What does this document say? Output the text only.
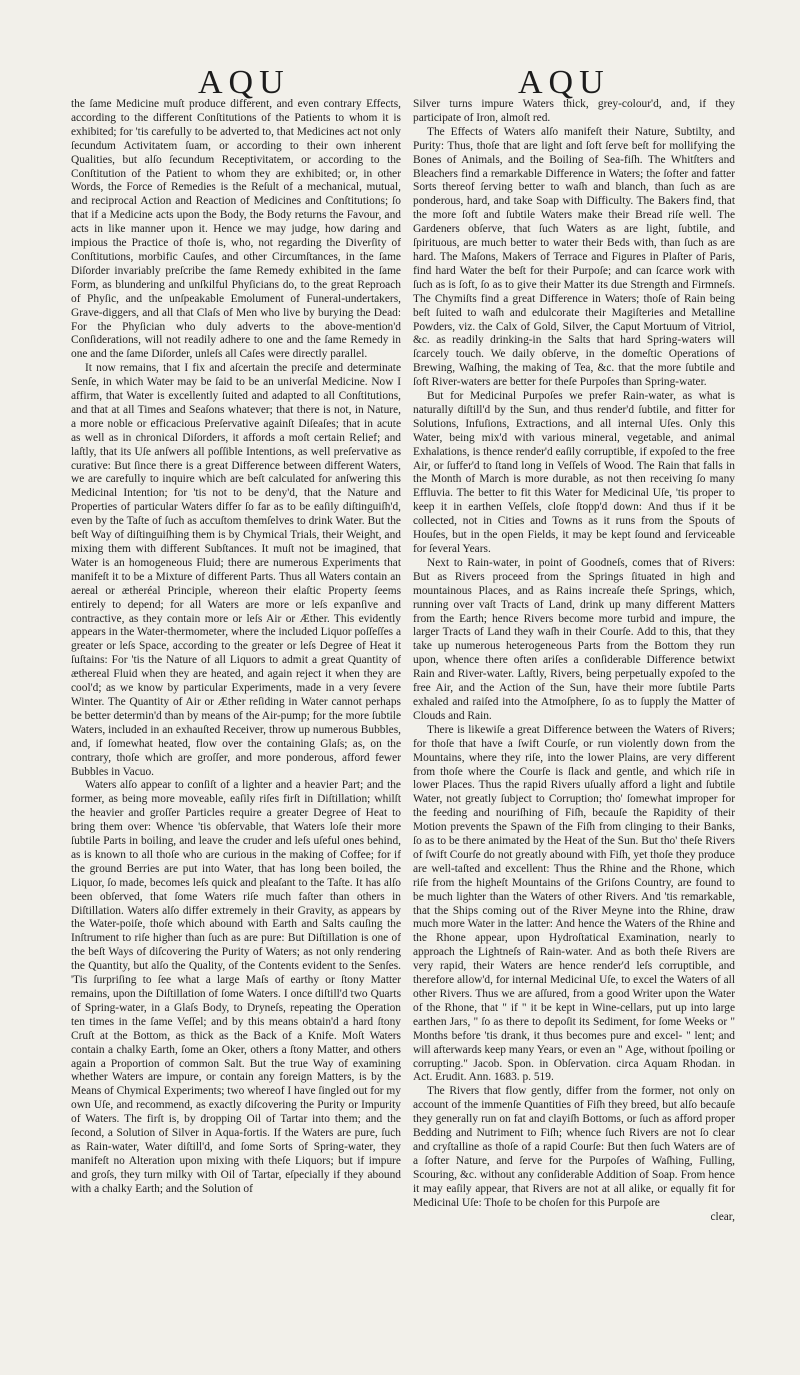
AQU	AQU

the ſame Medicine muſt produce different, and even contrary Effects, according to the different Conſtitutions of the Patients to whom it is exhibited; for 'tis carefully to be adverted to, that Medicines act not only ſecundum Activitatem ſuam, or according to their own inherent Qualities, but alſo ſecundum Receptivitatem, or according to the Conſtitution of the Patient to whom they are exhibited; or, in other Words, the Force of Remedies is the Reſult of a mechanical, mutual, and reciprocal Action and Reaction of Medicines and Conſtitutions; ſo that if a Medicine acts upon the Body, the Body returns the Favour, and acts in like manner upon it. Hence we may judge, how daring and impious the Practice of thoſe is, who, not regarding the Diverſity of Conſtitutions, morbific Cauſes, and other Circumſtances, in the ſame Diſorder invariably preſcribe the ſame Remedy exhibited in the ſame Form, as blundering and unſkilful Phyſicians do, to the great Reproach of Phyſic, and the unſpeakable Emolument of Funeral-undertakers, Grave-diggers, and all that Claſs of Men who live by burying the Dead: For the Phyſician who duly adverts to the above-mention'd Conſiderations, will not readily adhere to one and the ſame Remedy in one and the ſame Diſorder, unleſs all Caſes were directly parallel.

It now remains, that I fix and aſcertain the preciſe and determinate Senſe, in which Water may be ſaid to be an univerſal Medicine. Now I affirm, that Water is excellently ſuited and adapted to all Conſtitutions, and that at all Times and Seaſons whatever; that there is not, in Nature, a more noble or efficacious Preſervative againſt Diſeaſes; that in acute as well as in chronical Diſorders, it affords a moſt certain Relief; and laſtly, that its Uſe anſwers all poſſible Intentions, as well preſervative as curative: But ſince there is a great Difference between different Waters, we are carefully to inquire which are beſt calculated for anſwering this Medicinal Intention; for 'tis not to be deny'd, that the Nature and Properties of particular Waters differ ſo far as to be eaſily diſtinguiſh'd, even by the Taſte of ſuch as accuſtom themſelves to drink Water. But the beſt Way of diſtinguiſhing them is by Chymical Trials, their Weight, and mixing them with different Subſtances. It muſt not be imagined, that Water is an homogeneous Fluid; there are numerous Experiments that manifeſt it to be a Mixture of different Parts. Thus all Waters contain an aereal or ætheréal Principle, whereon their elaſtic Property ſeems entirely to depend; for all Waters are more or leſs expanſive and contractive, as they contain more or leſs Air or Æther. This evidently appears in the Water-thermometer, where the included Liquor poſſeſſes a greater or leſs Space, according to the greater or leſs Degree of Heat it ſuſtains: For 'tis the Nature of all Liquors to admit a great Quantity of æthereal Fluid when they are heated, and again reject it when they are cool'd; as we know by particular Experiments, made in a very ſevere Winter. The Quantity of Air or Æther reſiding in Water cannot perhaps be better determin'd than by means of the Air-pump; for the more ſubtile Waters, included in an exhauſted Receiver, throw up numerous Bubbles, and, if ſomewhat heated, flow over the containing Glaſs; as, on the contrary, thoſe which are groſſer, and more ponderous, afford fewer Bubbles in Vacuo.

Waters alſo appear to conſiſt of a lighter and a heavier Part; and the former, as being more moveable, eaſily riſes firſt in Diſtillation; whilſt the heavier and groſſer Particles require a greater Degree of Heat to bring them over: Whence 'tis obſervable, that Waters loſe their more ſubtile Parts in boiling, and leave the cruder and leſs uſeful ones behind, as is known to all thoſe who are curious in the making of Coffee; for if the ground Berries are put into Water, that has long been boiled, the Liquor, ſo made, becomes leſs quick and pleaſant to the Taſte. It has alſo been obſerved, that ſome Waters riſe much faſter than others in Diſtillation. Waters alſo differ extremely in their Gravity, as appears by the Water-poiſe, thoſe which abound with Earth and Salts cauſing the Inſtrument to riſe higher than ſuch as are pure: But Diſtillation is one of the beſt Ways of diſcovering the Purity of Waters; as not only rendering the Quantity, but alſo the Quality, of the Contents evident to the Senſes. 'Tis ſurpriſing to ſee what a large Maſs of earthy or ſtony Matter remains, upon the Diſtillation of ſome Waters. I once diſtill'd two Quarts of Spring-water, in a Glaſs Body, to Dryneſs, repeating the Operation ten times in the ſame Veſſel; and by this means obtain'd a hard ſtony Cruſt at the Bottom, as thick as the Back of a Knife. Moſt Waters contain a chalky Earth, ſome an Oker, others a ſtony Matter, and others again a Proportion of common Salt. But the true Way of examining whether Waters are impure, or contain any foreign Matters, is by the Means of Chymical Experiments; two whereof I have ſingled out for my own Uſe, and recommend, as exactly diſcovering the Purity or Impurity of Waters. The firſt is, by dropping Oil of Tartar into them; and the ſecond, a Solution of Silver in Aqua-fortis. If the Waters are pure, ſuch as Rain-water, Water diſtill'd, and ſome Sorts of Spring-water, they manifeſt no Alteration upon mixing with theſe Liquors; but if impure and groſs, they turn milky with Oil of Tartar, eſpecially if they abound with a chalky Earth; and the Solution of

Silver turns impure Waters thick, grey-colour'd, and, if they participate of Iron, almoſt red.

The Effects of Waters alſo manifeſt their Nature, Subtilty, and Purity: Thus, thoſe that are light and ſoft ſerve beſt for mollifying the Bones of Animals, and the Boiling of Sea-fiſh. The Whitſters and Bleachers find a remarkable Difference in Waters; the ſofter and fatter Sorts thereof ſerving better to waſh and blanch, than ſuch as are ponderous, hard, and take Soap with Difficulty. The Bakers find, that the more ſoft and ſubtile Waters make their Bread riſe well. The Gardeners obſerve, that ſuch Waters as are light, ſubtile, and ſpirituous, are much better to water their Beds with, than ſuch as are hard. The Maſons, Makers of Terrace and Figures in Plaſter of Paris, find hard Water the beſt for their Purpoſe; and can ſcarce work with ſuch as is ſoft, ſo as to give their Matter its due Strength and Firmneſs. The Chymiſts find a great Difference in Waters; thoſe of Rain being beſt ſuited to waſh and edulcorate their Magiſteries and Metalline Powders, viz. the Calx of Gold, Silver, the Caput Mortuum of Vitriol, &c. as readily drinking-in the Salts that hard Spring-waters will ſcarcely touch. We daily obſerve, in the domeſtic Operations of Brewing, Waſhing, the making of Tea, &c. that the more ſubtile and ſoft River-waters are better for theſe Purpoſes than Spring-water.

But for Medicinal Purpoſes we prefer Rain-water, as what is naturally diſtill'd by the Sun, and thus render'd ſubtile, and fitter for Solutions, Infuſions, Extractions, and all internal Uſes. Only this Water, being mix'd with various mineral, vegetable, and animal Exhalations, is thence render'd eaſily corruptible, if expoſed to the free Air, or ſuffer'd to ſtand long in Veſſels of Wood. The Rain that falls in the Month of March is more durable, as not then receiving ſo many Effluvia. The better to fit this Water for Medicinal Uſe, 'tis proper to keep it in earthen Veſſels, cloſe ſtopp'd down: And thus if it be collected, not in Cities and Towns as it runs from the Spouts of Houſes, but in the open Fields, it may be kept ſound and ſerviceable for ſeveral Years.

Next to Rain-water, in point of Goodneſs, comes that of Rivers: But as Rivers proceed from the Springs ſituated in high and mountainous Places, and as Rains increaſe theſe Springs, which, running over vaſt Tracts of Land, drink up many different Matters from the Earth; hence Rivers become more turbid and impure, the larger Tracts of Land they waſh in their Courſe. Add to this, that they take up numerous heterogeneous Parts from the Bottom they run upon, whence there often ariſes a conſiderable Difference betwixt Rain and River-water. Laſtly, Rivers, being perpetually expoſed to the free Air, and the Action of the Sun, have their more ſubtile Parts exhaled and raiſed into the Atmoſphere, ſo as to ſupply the Matter of Clouds and Rain.

There is likewiſe a great Difference between the Waters of Rivers; for thoſe that have a ſwift Courſe, or run violently down from the Mountains, where they riſe, into the lower Plains, are very different from thoſe where the Courſe is ſlack and gentle, and which riſe in lower Places. Thus the rapid Rivers uſually afford a light and ſubtile Water, not greatly ſubject to Corruption; tho' ſomewhat improper for the feeding and nouriſhing of Fiſh, becauſe the Rapidity of their Motion prevents the Spawn of the Fiſh from clinging to their Banks, ſo as to be there animated by the Heat of the Sun. But tho' theſe Rivers of ſwift Courſe do not greatly abound with Fiſh, yet thoſe they produce are well-taſted and excellent: Thus the Rhine and the Rhone, which riſe from the higheſt Mountains of the Griſons Country, are found to be much lighter than the Waters of other Rivers. And 'tis remarkable, that the Ships coming out of the River Meyne into the Rhine, draw much more Water in the latter: And hence the Waters of the Rhine and the Rhone appear, upon Hydroſtatical Examination, nearly to approach the Lightneſs of Rain-water. And as both theſe Rivers are very rapid, their Waters are hence render'd leſs corruptible, and therefore allow'd, for internal Medicinal Uſe, to excel the Waters of all other Rivers. Thus we are aſſured, from a good Writer upon the Water of the Rhone, that " if " it be kept in Wine-cellars, put up into large earthen Jars, " ſo as there to depoſit its Sediment, for ſome Weeks or " Months before 'tis drank, it thus becomes pure and excel- " lent; and will afterwards keep many Years, or even an " Age, without ſpoiling or corrupting." Jacob. Spon. in Obſervation. circa Aquam Rhodan. in Act. Erudit. Ann. 1683. p. 519.

The Rivers that flow gently, differ from the former, not only on account of the immenſe Quantities of Fiſh they breed, but alſo becauſe they generally run on fat and clayiſh Bottoms, or ſuch as afford proper Bedding and Nutriment to Fiſh; whence ſuch Rivers are not ſo clear and cryſtalline as thoſe of a rapid Courſe: But then ſuch Waters are of a ſofter Nature, and ſerve for the Purpoſes of Waſhing, Fulling, Scouring, &c. without any conſiderable Addition of Soap. From hence it may eaſily appear, that Rivers are not at all alike, or equally fit for Medicinal Uſe: Thoſe to be choſen for this Purpoſe are

clear,
